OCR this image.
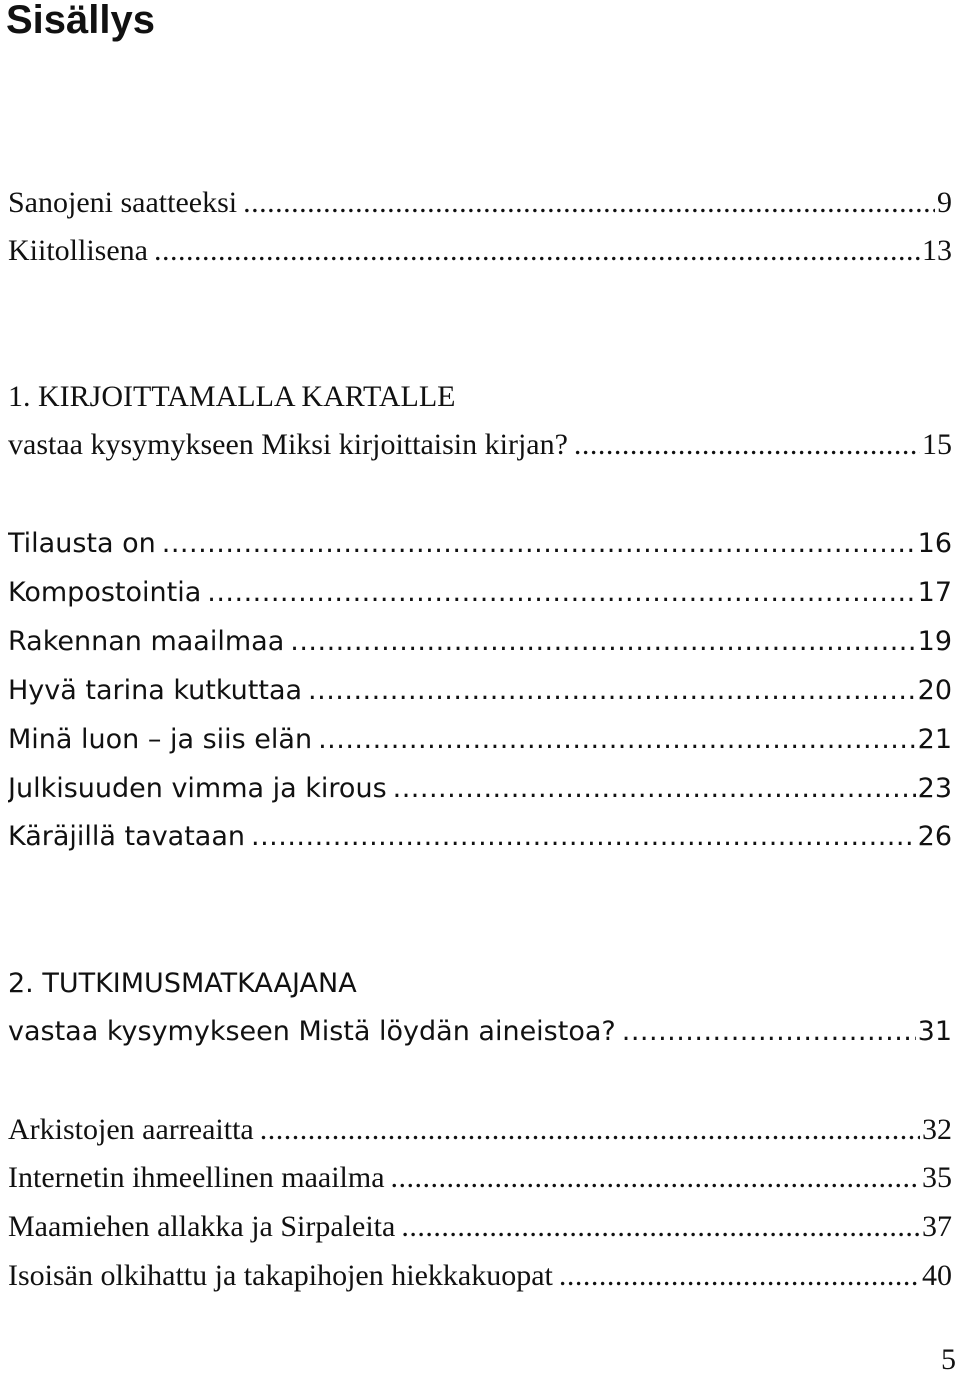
Sisällys
Sanojeni saatteeksi .....	9
Kiitollisena .....	13
1. KIRJOITTAMALLA KARTALLE
vastaa kysymykseen Miksi kirjoittaisin kirjan? .....	15
Tilausta on .....	16
Kompostointia .....	17
Rakennan maailmaa .....	19
Hyvä tarina kutkuttaa .....	20
Minä luon – ja siis elän .....	21
Julkisuuden vimma ja kirous .....	23
Käräjillä tavataan .....	26
2. TUTKIMUSMATKAAJANA
vastaa kysymykseen Mistä löydän aineistoa? .....	31
Arkistojen aarreaitta .....	32
Internetin ihmeellinen maailma .....	35
Maamiehen allakka ja Sirpaleita .....	37
Isoisän olkihattu ja takapihojen hiekkakuopat .....	40
5
